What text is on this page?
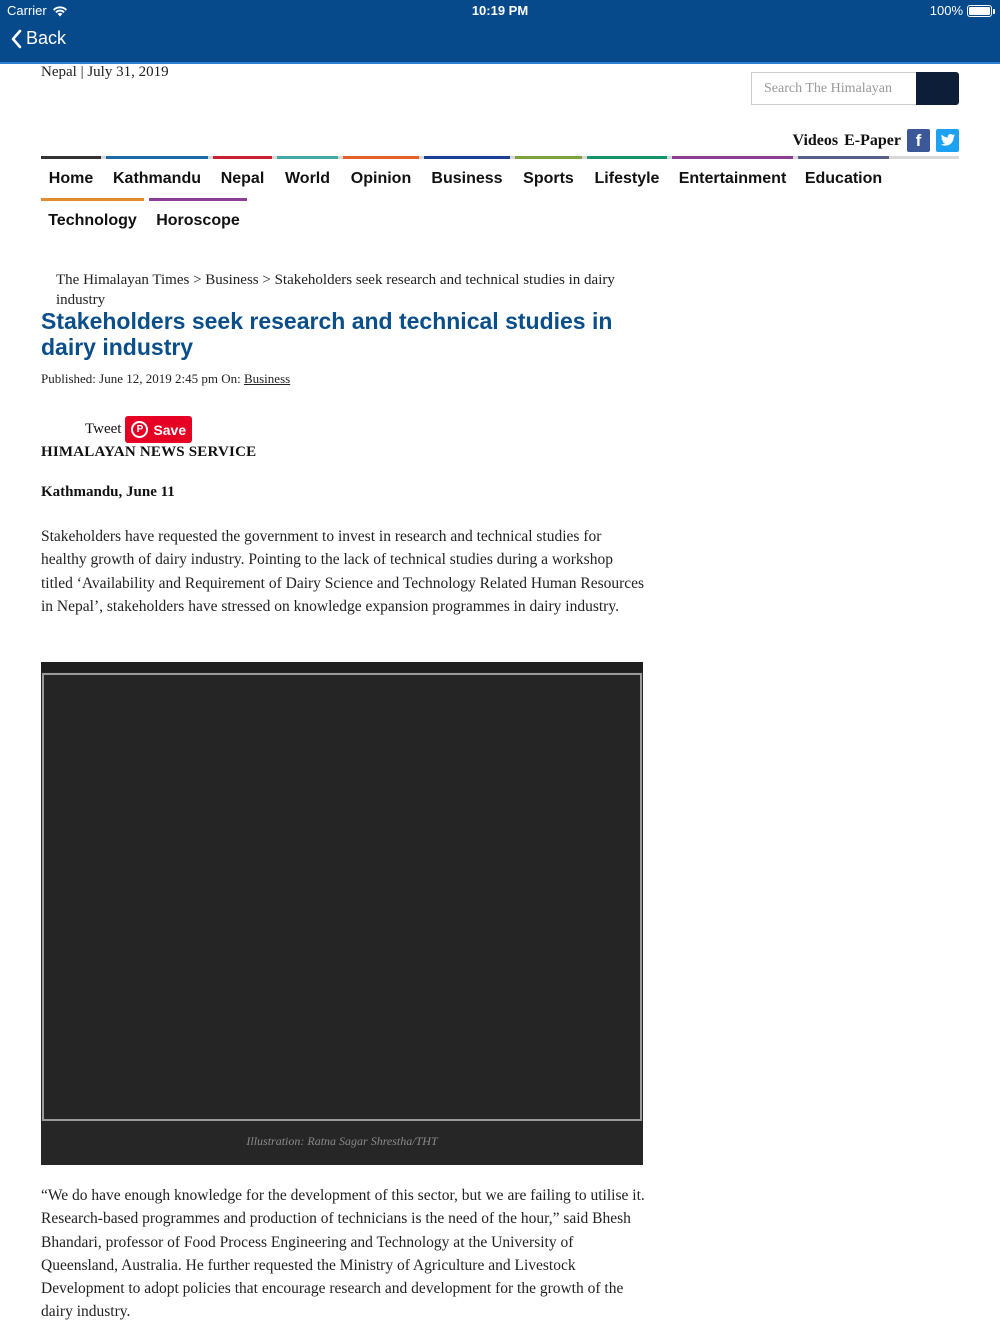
Carrier	10:19 PM	100%
Back
Nepal | July 31, 2019
Search The Himalayan
Videos E-Paper f
Home	Kathmandu	Nepal	World	Opinion	Business	Sports	Lifestyle	Entertainment	Education
Technology	Horoscope
The Himalayan Times > Business > Stakeholders seek research and technical studies in dairy industry
Stakeholders seek research and technical studies in dairy industry
Published: June 12, 2019 2:45 pm On: Business
Tweet	P Save
HIMALAYAN NEWS SERVICE
Kathmandu, June 11

Stakeholders have requested the government to invest in research and technical studies for healthy growth of dairy industry. Pointing to the lack of technical studies during a workshop titled ‘Availability and Requirement of Dairy Science and Technology Related Human Resources in Nepal’, stakeholders have stressed on knowledge expansion programmes in dairy industry.

Illustration: Ratna Sagar Shrestha/THT

“We do have enough knowledge for the development of this sector, but we are failing to utilise it. Research-based programmes and production of technicians is the need of the hour,” said Bhesh Bhandari, professor of Food Process Engineering and Technology at the University of Queensland, Australia. He further requested the Ministry of Agriculture and Livestock Development to adopt policies that encourage research and development for the growth of the dairy industry.
